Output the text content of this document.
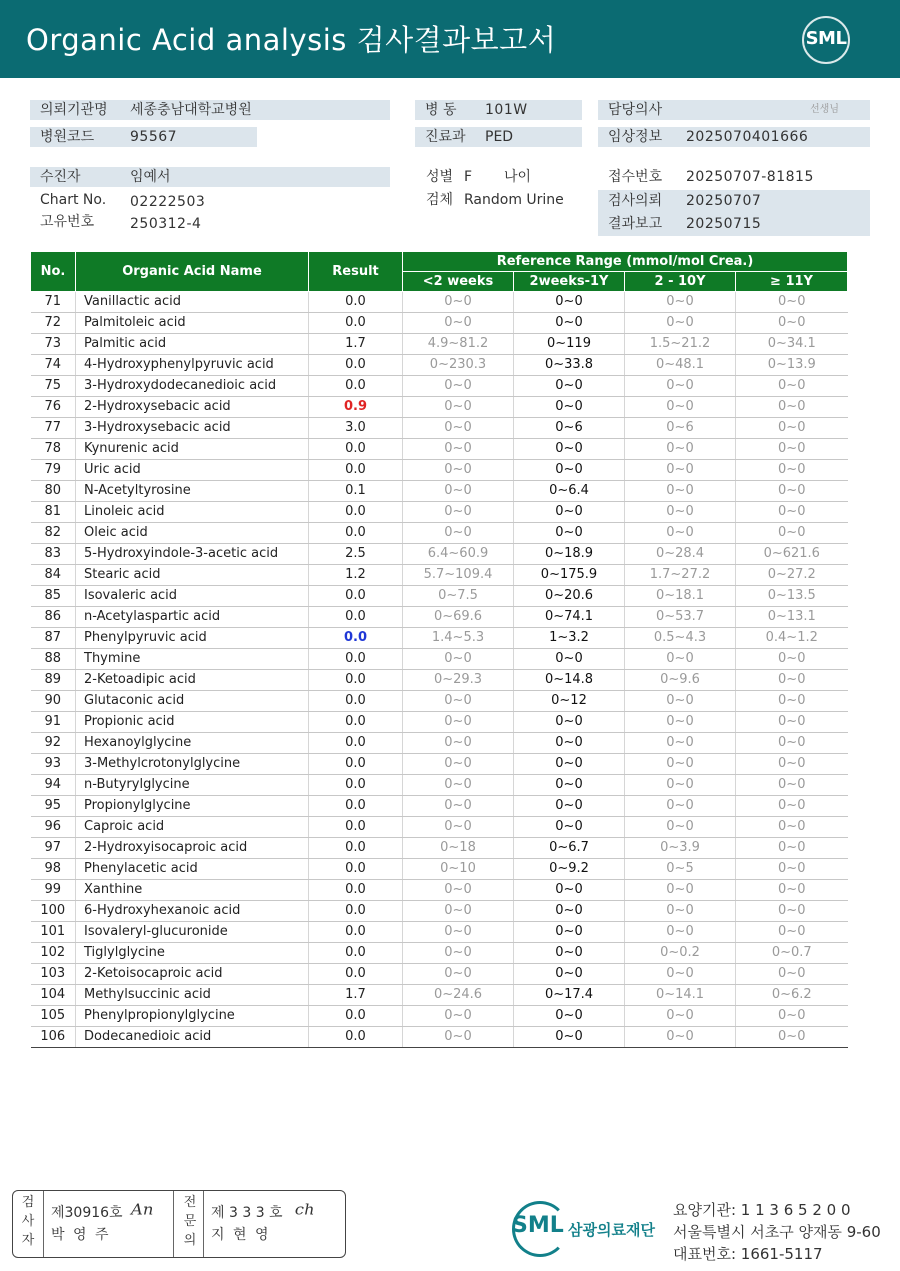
Organic Acid analysis 검사결과보고서	SML
의뢰기관명 세종충남대학교병원
병원코드	95567
병 동 101W
진료과 PED
담당의사	선생님
임상정보 2025070401666
수진자	임예서
Chart No. 02222503
고유번호	250312-4
성별 F 나이
검체 Random Urine
접수번호 20250707-81815
검사의뢰 20250707
결과보고 20250715
No.	Organic Acid Name	Result	Reference Range (mmol/mol Crea.)			
			<2 weeks	2weeks-1Y	2 - 10Y	≥ 11Y
71	Vanillactic acid	0.0	0~0	0~0	0~0	0~0
72	Palmitoleic acid	0.0	0~0	0~0	0~0	0~0
73	Palmitic acid	1.7	4.9~81.2	0~119	1.5~21.2	0~34.1
74	4-Hydroxyphenylpyruvic acid	0.0	0~230.3	0~33.8	0~48.1	0~13.9
75	3-Hydroxydodecanedioic acid	0.0	0~0	0~0	0~0	0~0
76	2-Hydroxysebacic acid	0.9	0~0	0~0	0~0	0~0
77	3-Hydroxysebacic acid	3.0	0~0	0~6	0~6	0~0
78	Kynurenic acid	0.0	0~0	0~0	0~0	0~0
79	Uric acid	0.0	0~0	0~0	0~0	0~0
80	N-Acetyltyrosine	0.1	0~0	0~6.4	0~0	0~0
81	Linoleic acid	0.0	0~0	0~0	0~0	0~0
82	Oleic acid	0.0	0~0	0~0	0~0	0~0
83	5-Hydroxyindole-3-acetic acid	2.5	6.4~60.9	0~18.9	0~28.4	0~621.6
84	Stearic acid	1.2	5.7~109.4	0~175.9	1.7~27.2	0~27.2
85	Isovaleric acid	0.0	0~7.5	0~20.6	0~18.1	0~13.5
86	n-Acetylaspartic acid	0.0	0~69.6	0~74.1	0~53.7	0~13.1
87	Phenylpyruvic acid	0.0	1.4~5.3	1~3.2	0.5~4.3	0.4~1.2
88	Thymine	0.0	0~0	0~0	0~0	0~0
89	2-Ketoadipic acid	0.0	0~29.3	0~14.8	0~9.6	0~0
90	Glutaconic acid	0.0	0~0	0~12	0~0	0~0
91	Propionic acid	0.0	0~0	0~0	0~0	0~0
92	Hexanoylglycine	0.0	0~0	0~0	0~0	0~0
93	3-Methylcrotonylglycine	0.0	0~0	0~0	0~0	0~0
94	n-Butyrylglycine	0.0	0~0	0~0	0~0	0~0
95	Propionylglycine	0.0	0~0	0~0	0~0	0~0
96	Caproic acid	0.0	0~0	0~0	0~0	0~0
97	2-Hydroxyisocaproic acid	0.0	0~18	0~6.7	0~3.9	0~0
98	Phenylacetic acid	0.0	0~10	0~9.2	0~5	0~0
99	Xanthine	0.0	0~0	0~0	0~0	0~0
100	6-Hydroxyhexanoic acid	0.0	0~0	0~0	0~0	0~0
101	Isovaleryl-glucuronide	0.0	0~0	0~0	0~0	0~0
102	Tiglylglycine	0.0	0~0	0~0	0~0.2	0~0.7
103	2-Ketoisocaproic acid	0.0	0~0	0~0	0~0	0~0
104	Methylsuccinic acid	1.7	0~24.6	0~17.4	0~14.1	0~6.2
105	Phenylpropionylglycine	0.0	0~0	0~0	0~0	0~0
106	Dodecanedioic acid	0.0	0~0	0~0	0~0	0~0
검사자
제30916호
박 영 주
ᴬⁿ 전문의
제 3 3 3 호
지 현 영
ᶜʰ	SML 삼광의료재단
요양기관: 1 1 3 6 5 2 0 0
서울특별시 서초구 양재동 9-60
대표번호: 1661-5117
